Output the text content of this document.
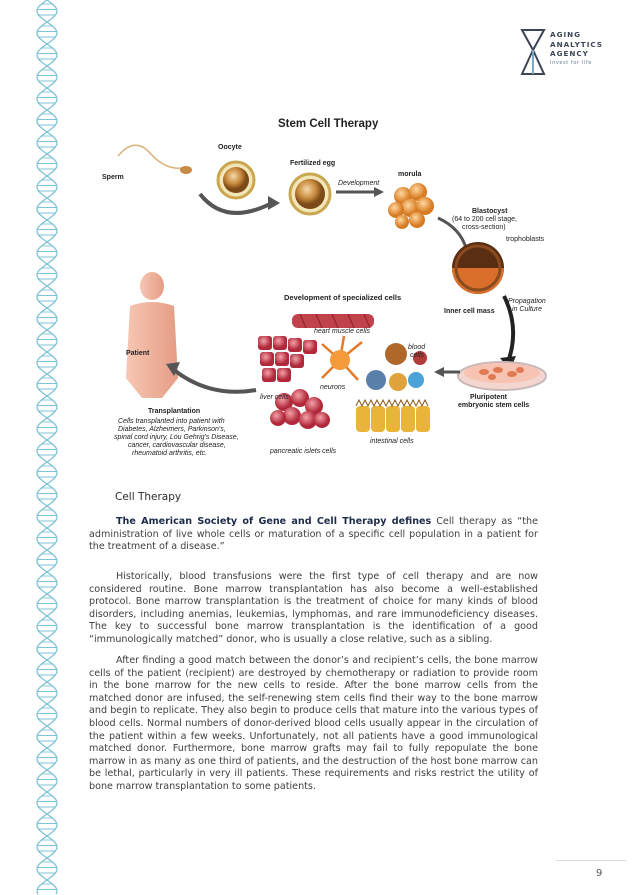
AGING
ANALYTICS
AGENCY
Invest for life
Stem Cell Therapy
Oocyte
Sperm
Fertilized egg
Development
morula
Blastocyst
(64 to 200 cell stage,
cross-section)
trophoblasts
Inner cell mass
Propagation
in Culture
Development of specialized cells
heart muscle cells
blood
cells
neurons
liver cells
pancreatic islets cells
intestinal cells
Patient
Pluripotent
embryonic stem cells
Transplantation
Cells transplanted into patient with
Diabetes, Alzheimers, Parkinson's,
spinal cord injury, Lou Gehrig's Disease,
cancer, cardiovascular disease,
rheumatoid arthritis, etc.
Cell Therapy

The American Society of Gene and Cell Therapy defines Cell therapy as “the administration of live whole cells or maturation of a specific cell population in a patient for the treatment of a disease.”

Historically, blood transfusions were the first type of cell therapy and are now considered routine. Bone marrow transplantation has also become a well-established protocol. Bone marrow transplantation is the treatment of choice for many kinds of blood disorders, including anemias, leukemias, lymphomas, and rare immunodeficiency diseases. The key to successful bone marrow transplantation is the identification of a good “immunologically matched” donor, who is usually a close relative, such as a sibling.

After finding a good match between the donor’s and recipient’s cells, the bone marrow cells of the patient (recipient) are destroyed by chemotherapy or radiation to provide room in the bone marrow for the new cells to reside. After the bone marrow cells from the matched donor are infused, the self-renewing stem cells find their way to the bone marrow and begin to replicate. They also begin to produce cells that mature into the various types of blood cells. Normal numbers of donor-derived blood cells usually appear in the circulation of the patient within a few weeks. Unfortunately, not all patients have a good immunological matched donor. Furthermore, bone marrow grafts may fail to fully repopulate the bone marrow in as many as one third of patients, and the destruction of the host bone marrow can be lethal, particularly in very ill patients. These requirements and risks restrict the utility of bone marrow transplantation to some patients.

9
